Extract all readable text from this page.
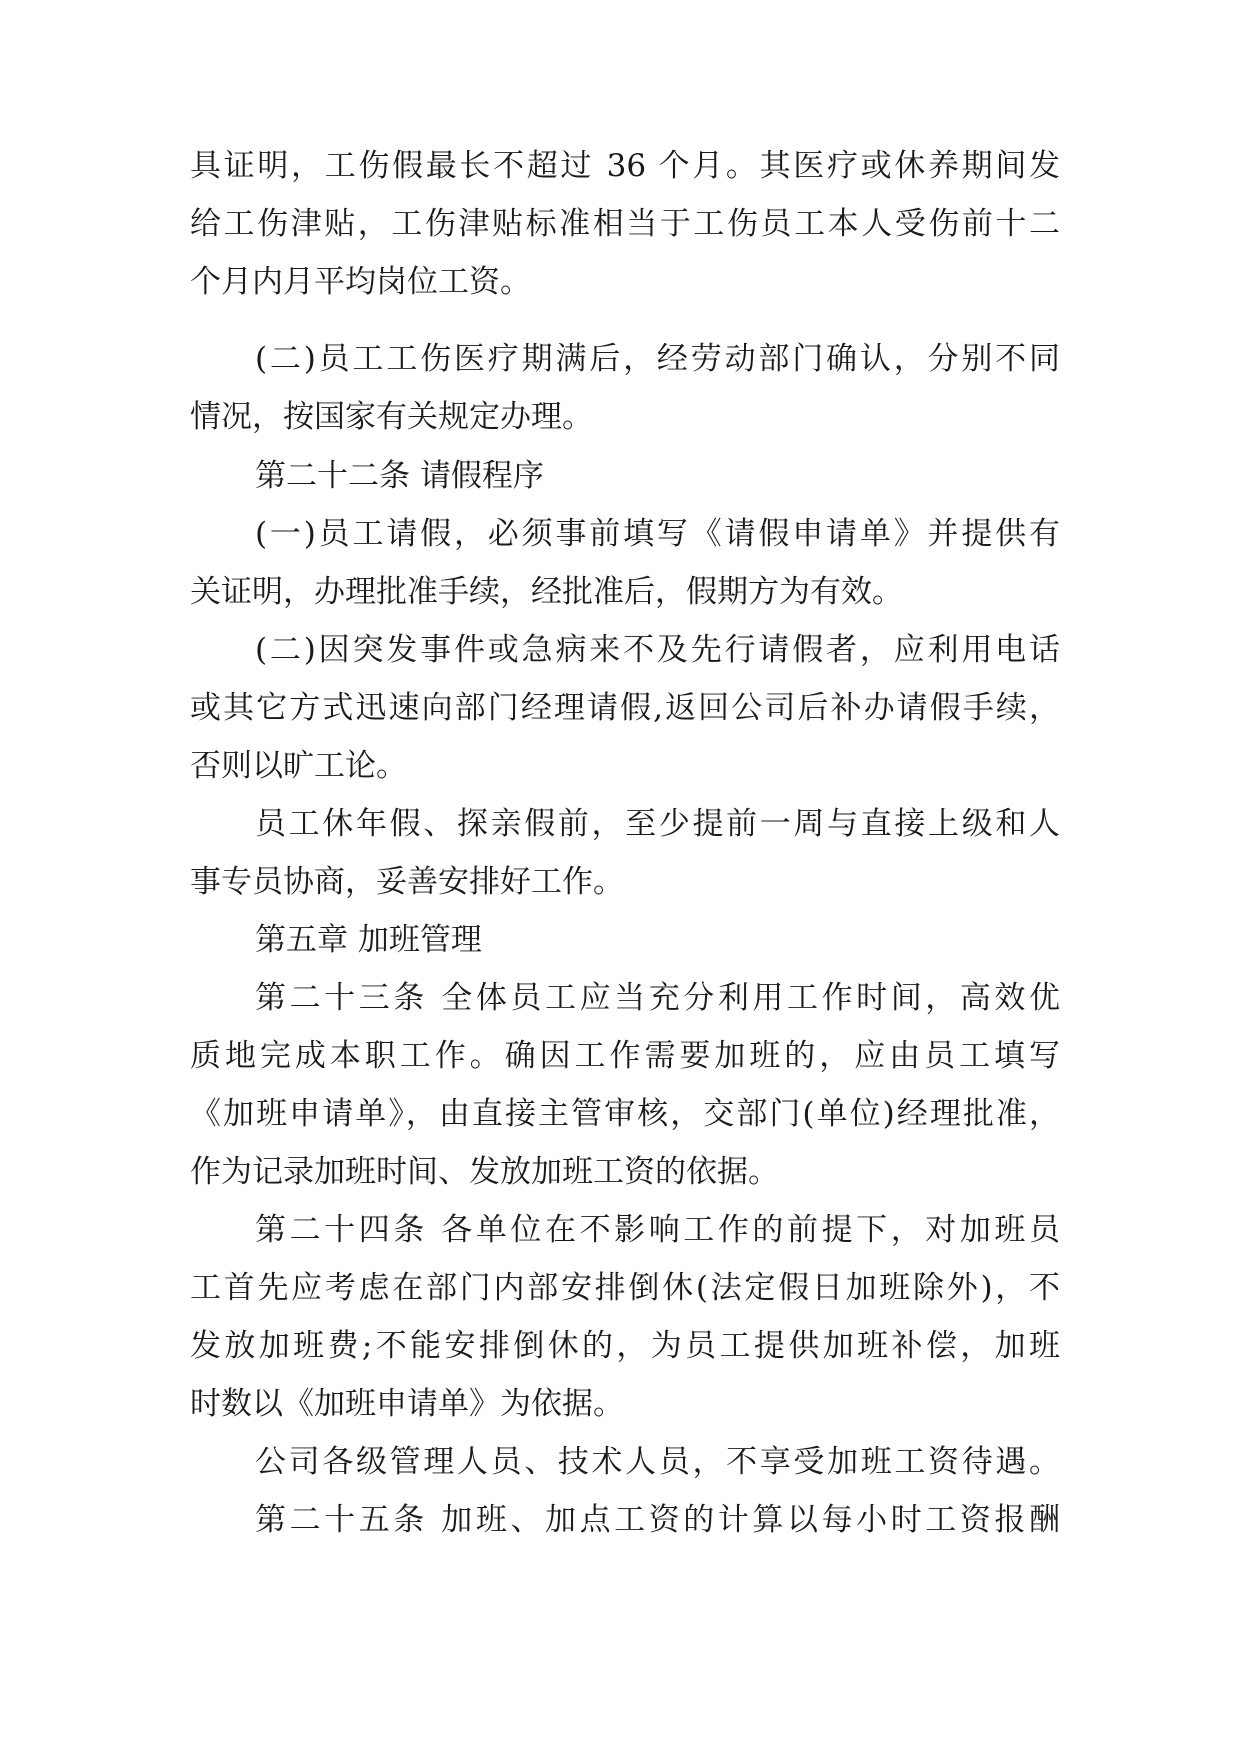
具证明，工伤假最长不超过 36 个月。其医疗或休养期间发
给工伤津贴，工伤津贴标准相当于工伤员工本人受伤前十二
个月内月平均岗位工资。
(二)员工工伤医疗期满后，经劳动部门确认，分别不同
情况，按国家有关规定办理。
第二十二条 请假程序
(一)员工请假，必须事前填写《请假申请单》并提供有
关证明，办理批准手续，经批准后，假期方为有效。
(二)因突发事件或急病来不及先行请假者，应利用电话
或其它方式迅速向部门经理请假,返回公司后补办请假手续，
否则以旷工论。
员工休年假、探亲假前，至少提前一周与直接上级和人
事专员协商，妥善安排好工作。
第五章 加班管理
第二十三条 全体员工应当充分利用工作时间，高效优
质地完成本职工作。确因工作需要加班的，应由员工填写
《加班申请单》，由直接主管审核，交部门(单位)经理批准，
作为记录加班时间、发放加班工资的依据。
第二十四条 各单位在不影响工作的前提下，对加班员
工首先应考虑在部门内部安排倒休(法定假日加班除外)，不
发放加班费;不能安排倒休的，为员工提供加班补偿，加班
时数以《加班申请单》为依据。
公司各级管理人员、技术人员，不享受加班工资待遇。
第二十五条 加班、加点工资的计算以每小时工资报酬
